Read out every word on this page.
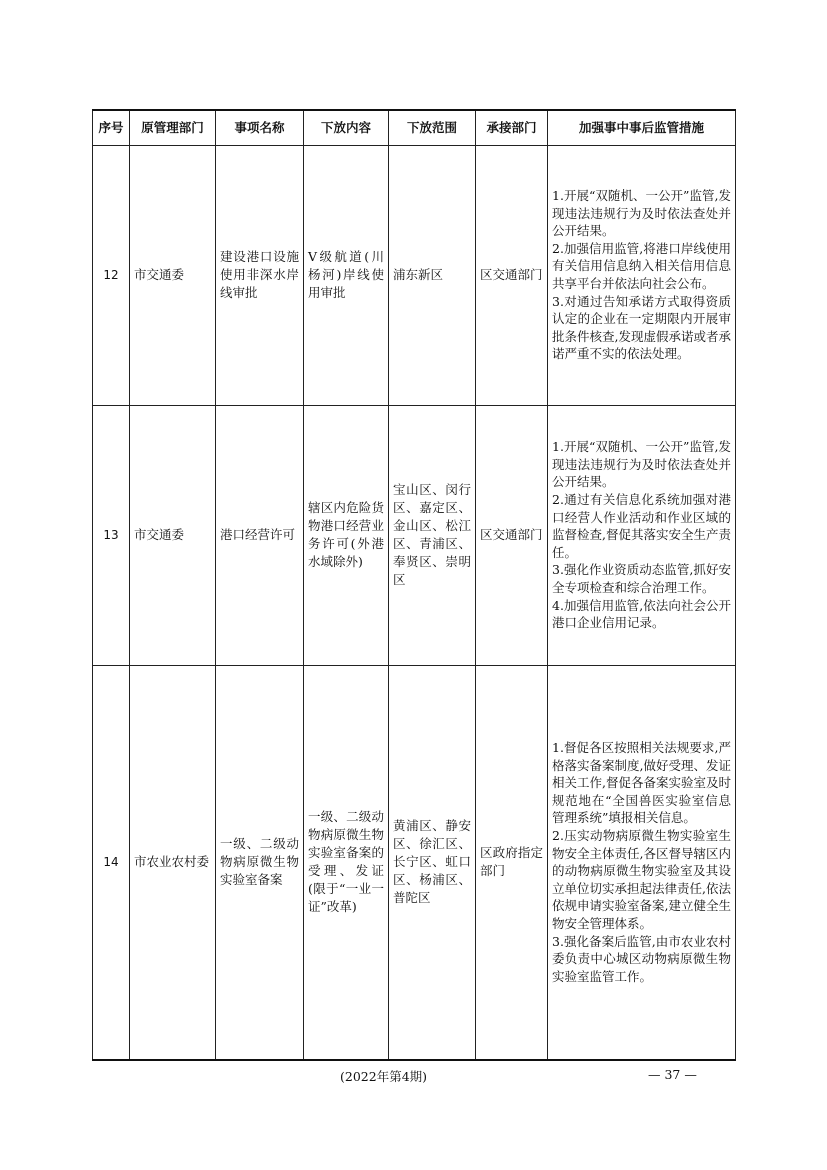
序号	原管理部门	事项名称	下放内容	下放范围	承接部门	加强事中事后监管措施
12	市交通委	建设港口设施使用非深水岸线审批	Ⅴ级航道(川杨河)岸线使用审批	浦东新区	区交通部门	1.开展“双随机、一公开”监管,发现违法违规行为及时依法查处并公开结果。
2.加强信用监管,将港口岸线使用有关信用信息纳入相关信用信息共享平台并依法向社会公布。
3.对通过告知承诺方式取得资质认定的企业在一定期限内开展审批条件核查,发现虚假承诺或者承诺严重不实的依法处理。

13	市交通委	港口经营许可	辖区内危险货物港口经营业务许可(外港水域除外)	宝山区、闵行区、嘉定区、金山区、松江区、青浦区、奉贤区、崇明区	区交通部门	1.开展“双随机、一公开”监管,发现违法违规行为及时依法查处并公开结果。
2.通过有关信息化系统加强对港口经营人作业活动和作业区域的监督检查,督促其落实安全生产责任。
3.强化作业资质动态监管,抓好安全专项检查和综合治理工作。
4.加强信用监管,依法向社会公开港口企业信用记录。

14	市农业农村委	一级、二级动物病原微生物实验室备案	一级、二级动物病原微生物实验室备案的受理、发证(限于“一业一证”改革)	黄浦区、静安区、徐汇区、长宁区、虹口区、杨浦区、普陀区	区政府指定部门	1.督促各区按照相关法规要求,严格落实备案制度,做好受理、发证相关工作,督促各备案实验室及时规范地在“全国兽医实验室信息管理系统”填报相关信息。
2.压实动物病原微生物实验室生物安全主体责任,各区督导辖区内的动物病原微生物实验室及其设立单位切实承担起法律责任,依法依规申请实验室备案,建立健全生物安全管理体系。
3.强化备案后监管,由市农业农村委负责中心城区动物病原微生物实验室监管工作。
(2022年第4期)	— 37 —
